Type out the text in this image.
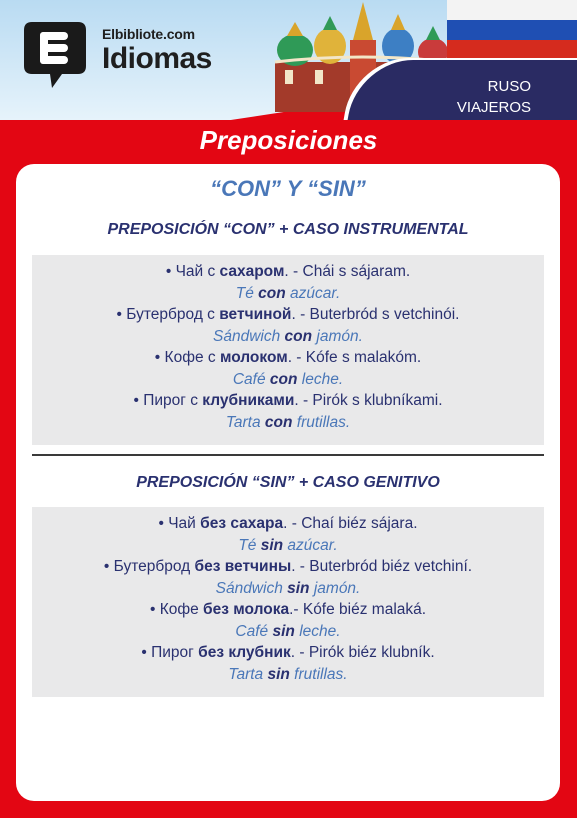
RUSO
VIAJEROS
Elbibliote.com
Idiomas
Preposiciones
“CON” Y “SIN”
PREPOSICIÓN “CON” + CASO INSTRUMENTAL
• Чай с сахаром. - Chái s sájaram.
Té con azúcar.
• Бутерброд с ветчиной. - Buterbród s vetchinói.
Sándwich con jamón.
• Кофе с молоком. - Kófe s malakóm.
Café con leche.
• Пирог с клубниками. - Pirók s klubníkami.
Tarta con frutillas.
PREPOSICIÓN “SIN” + CASO GENITIVO
• Чай без сахара. - Chaí biéz sájara.
Té sin azúcar.
• Бутерброд без ветчины. - Buterbród biéz vetchiní.
Sándwich sin jamón.
• Кофе без молока.- Kófe biéz malaká.
Café sin leche.
• Пирог без клубник. - Pirók biéz klubník.
Tarta sin frutillas.
